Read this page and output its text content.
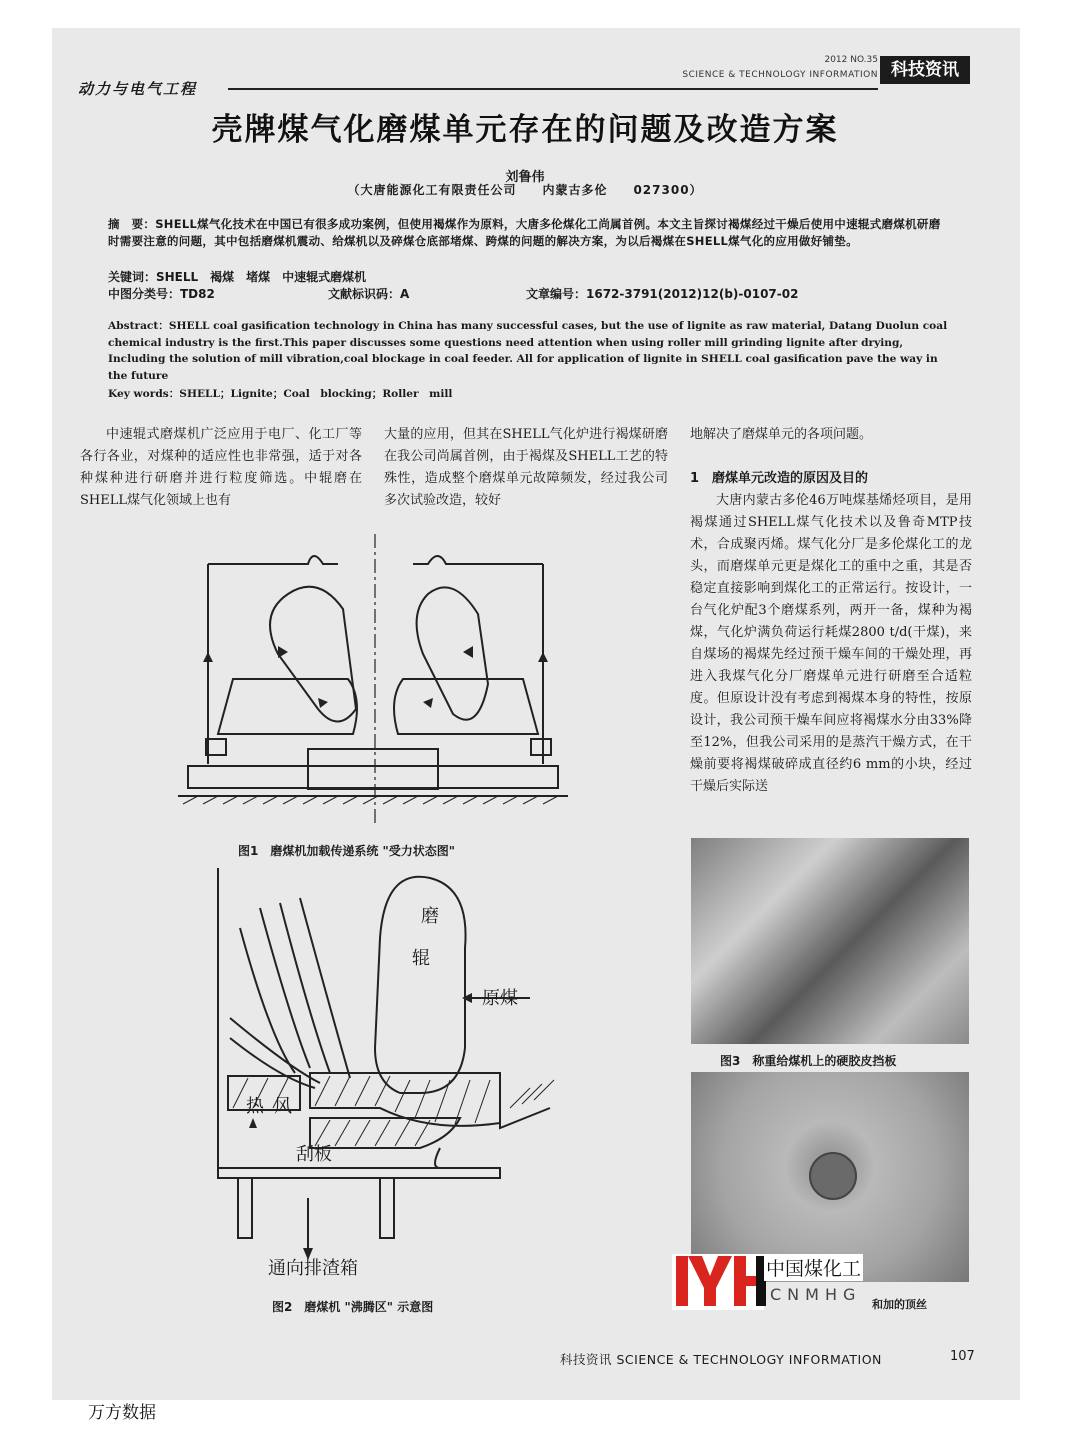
动力与电气工程
2012 NO.35
SCIENCE & TECHNOLOGY INFORMATION 科技资讯
壳牌煤气化磨煤单元存在的问题及改造方案
刘鲁伟
（大唐能源化工有限责任公司　　内蒙古多伦　　027300）
摘　要：SHELL煤气化技术在中国已有很多成功案例，但使用褐煤作为原料，大唐多伦煤化工尚属首例。本文主旨探讨褐煤经过干燥后使用中速辊式磨煤机研磨时需要注意的问题，其中包括磨煤机震动、给煤机以及碎煤仓底部堵煤、跨煤的问题的解决方案，为以后褐煤在SHELL煤气化的应用做好铺垫。
关键词：SHELL　褐煤　堵煤　中速辊式磨煤机
中图分类号：TD82	文献标识码：A	文章编号：1672-3791(2012)12(b)-0107-02
Abstract：SHELL coal gasification technology in China has many successful cases, but the use of lignite as raw material, Datang Duolun coal chemical industry is the first.This paper discusses some questions need attention when using roller mill grinding lignite after drying, Including the solution of mill vibration,coal blockage in coal feeder. All for application of lignite in SHELL coal gasification pave the way in the future
Key words：SHELL；Lignite；Coal　blocking；Roller　mill
中速辊式磨煤机广泛应用于电厂、化工厂等各行各业，对煤种的适应性也非常强，适于对各种煤种进行研磨并进行粒度筛选。中辊磨在SHELL煤气化领域上也有
大量的应用，但其在SHELL气化炉进行褐煤研磨在我公司尚属首例，由于褐煤及SHELL工艺的特殊性，造成整个磨煤单元故障频发，经过我公司多次试验改造，较好
地解决了磨煤单元的各项问题。
1　磨煤单元改造的原因及目的
大唐内蒙古多伦46万吨煤基烯烃项目，是用褐煤通过SHELL煤气化技术以及鲁奇MTP技术，合成聚丙烯。煤气化分厂是多伦煤化工的龙头，而磨煤单元更是煤化工的重中之重，其是否稳定直接影响到煤化工的正常运行。按设计，一台气化炉配3个磨煤系列，两开一备，煤种为褐煤，气化炉满负荷运行耗煤2800 t/d(干煤)，来自煤场的褐煤先经过预干燥车间的干燥处理，再进入我煤气化分厂磨煤单元进行研磨至合适粒度。但原设计没有考虑到褐煤本身的特性，按原设计，我公司预干燥车间应将褐煤水分由33%降至12%，但我公司采用的是蒸汽干燥方式，在干燥前要将褐煤破碎成直径约6 mm的小块，经过干燥后实际送
图1　磨煤机加载传递系统 "受力状态图"
磨
辊
原煤
热 风
刮板
通向排渣箱
图2　磨煤机 "沸腾区" 示意图
图3　称重给煤机上的硬胶皮挡板
中国煤化工
CNMHG
和加的顶丝
科技资讯 SCIENCE & TECHNOLOGY INFORMATION	107
万方数据
